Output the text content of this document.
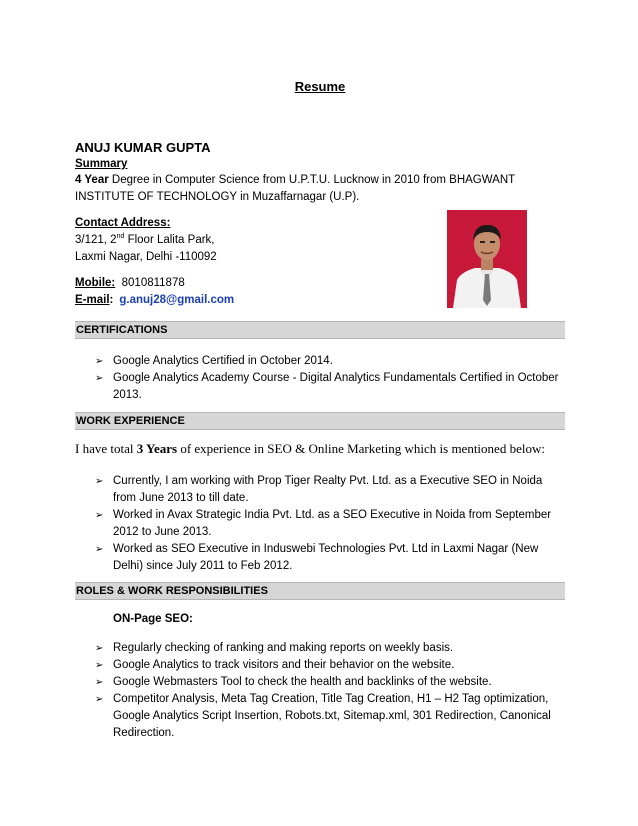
Resume
ANUJ KUMAR GUPTA
Summary
4 Year Degree in Computer Science from U.P.T.U. Lucknow in 2010 from BHAGWANT INSTITUTE OF TECHNOLOGY in Muzaffarnagar (U.P).
Contact Address:
3/121, 2nd Floor Lalita Park,
Laxmi Nagar, Delhi -110092
Mobile: 8010811878
E-mail: g.anuj28@gmail.com
CERTIFICATIONS
➢ Google Analytics Certified in October 2014.
➢ Google Analytics Academy Course - Digital Analytics Fundamentals Certified in October 2013.
WORK EXPERIENCE
I have total 3 Years of experience in SEO & Online Marketing which is mentioned below:
➢ Currently, I am working with Prop Tiger Realty Pvt. Ltd. as a Executive SEO in Noida from June 2013 to till date.
➢ Worked in Avax Strategic India Pvt. Ltd. as a SEO Executive in Noida from September 2012 to June 2013.
➢ Worked as SEO Executive in Induswebi Technologies Pvt. Ltd in Laxmi Nagar (New Delhi) since July 2011 to Feb 2012.
ROLES & WORK RESPONSIBILITIES
ON-Page SEO:
➢ Regularly checking of ranking and making reports on weekly basis.
➢ Google Analytics to track visitors and their behavior on the website.
➢ Google Webmasters Tool to check the health and backlinks of the website.
➢ Competitor Analysis, Meta Tag Creation, Title Tag Creation, H1 – H2 Tag optimization, Google Analytics Script Insertion, Robots.txt, Sitemap.xml, 301 Redirection, Canonical Redirection.
